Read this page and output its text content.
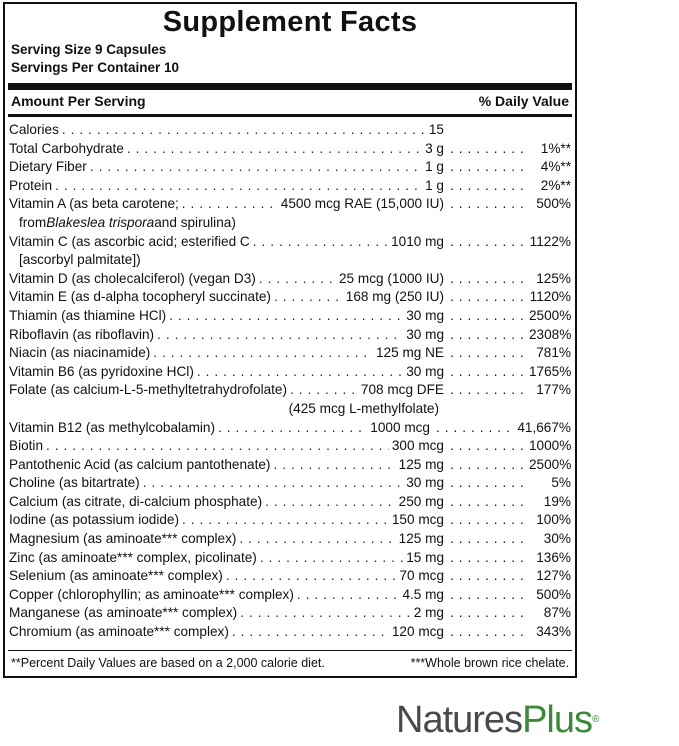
Supplement Facts
Serving Size 9 Capsules
Servings Per Container 10
Amount Per Serving	% Daily Value
Calories . . .	15
Total Carbohydrate . . .	3 g . . .	1%**
Dietary Fiber . . .	1 g . . .	4%**
Protein . . .	1 g . . .	2%**
Vitamin A (as beta carotene; . . .	4500 mcg RAE (15,000 IU) . . .	500%
from Blakeslea trispora and spirulina)
Vitamin C (as ascorbic acid; esterified C . . .	1010 mg . . .	1122%
[ascorbyl palmitate])
Vitamin D (as cholecalciferol) (vegan D3) . . .	25 mcg (1000 IU) . . .	125%
Vitamin E (as d-alpha tocopheryl succinate) . . .	168 mg (250 IU) . . .	1120%
Thiamin (as thiamine HCl) . . .	30 mg . . .	2500%
Riboflavin (as riboflavin) . . .	30 mg . . .	2308%
Niacin (as niacinamide) . . .	125 mg NE . . .	781%
Vitamin B6 (as pyridoxine HCl) . . .	30 mg . . .	1765%
Folate (as calcium-L-5-methyltetrahydrofolate) . . .	708 mcg DFE . . .	177%
(425 mcg L-methylfolate)
Vitamin B12 (as methylcobalamin) . . .	1000 mcg . . .	41,667%
Biotin . . .	300 mcg . . .	1000%
Pantothenic Acid (as calcium pantothenate) . . .	125 mg . . .	2500%
Choline (as bitartrate) . . .	30 mg . . .	5%
Calcium (as citrate, di-calcium phosphate) . . .	250 mg . . .	19%
Iodine (as potassium iodide) . . .	150 mcg . . .	100%
Magnesium (as aminoate*** complex) . . .	125 mg . . .	30%
Zinc (as aminoate*** complex, picolinate) . . .	15 mg . . .	136%
Selenium (as aminoate*** complex) . . .	70 mcg . . .	127%
Copper (chlorophyllin; as aminoate*** complex) . . .	4.5 mg . . .	500%
Manganese (as aminoate*** complex) . . .	2 mg . . .	87%
Chromium (as aminoate*** complex) . . .	120 mcg . . .	343%
**Percent Daily Values are based on a 2,000 calorie diet.	***Whole brown rice chelate.
NaturesPlus®
